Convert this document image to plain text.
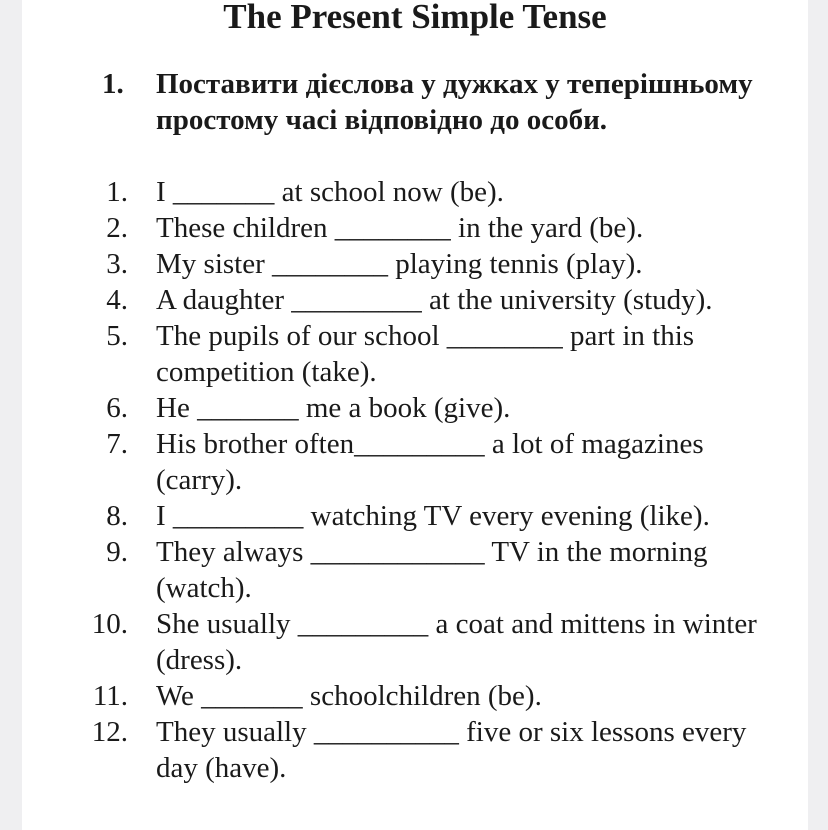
The Present Simple Tense
1. Поставити дієслова у дужках у теперішньому простому часі відповідно до особи.
1. I _______ at school now (be).
2. These children ________ in the yard (be).
3. My sister ________ playing tennis (play).
4. A daughter _________ at the university (study).
5. The pupils of our school ________ part in this competition (take).
6. He _______ me a book (give).
7. His brother often_________ a lot of magazines (carry).
8. I _________ watching TV every evening (like).
9. They always ____________ TV in the morning (watch).
10. She usually _________ a coat and mittens in winter (dress).
11. We _______ schoolchildren (be).
12. They usually __________ five or six lessons every day (have).
